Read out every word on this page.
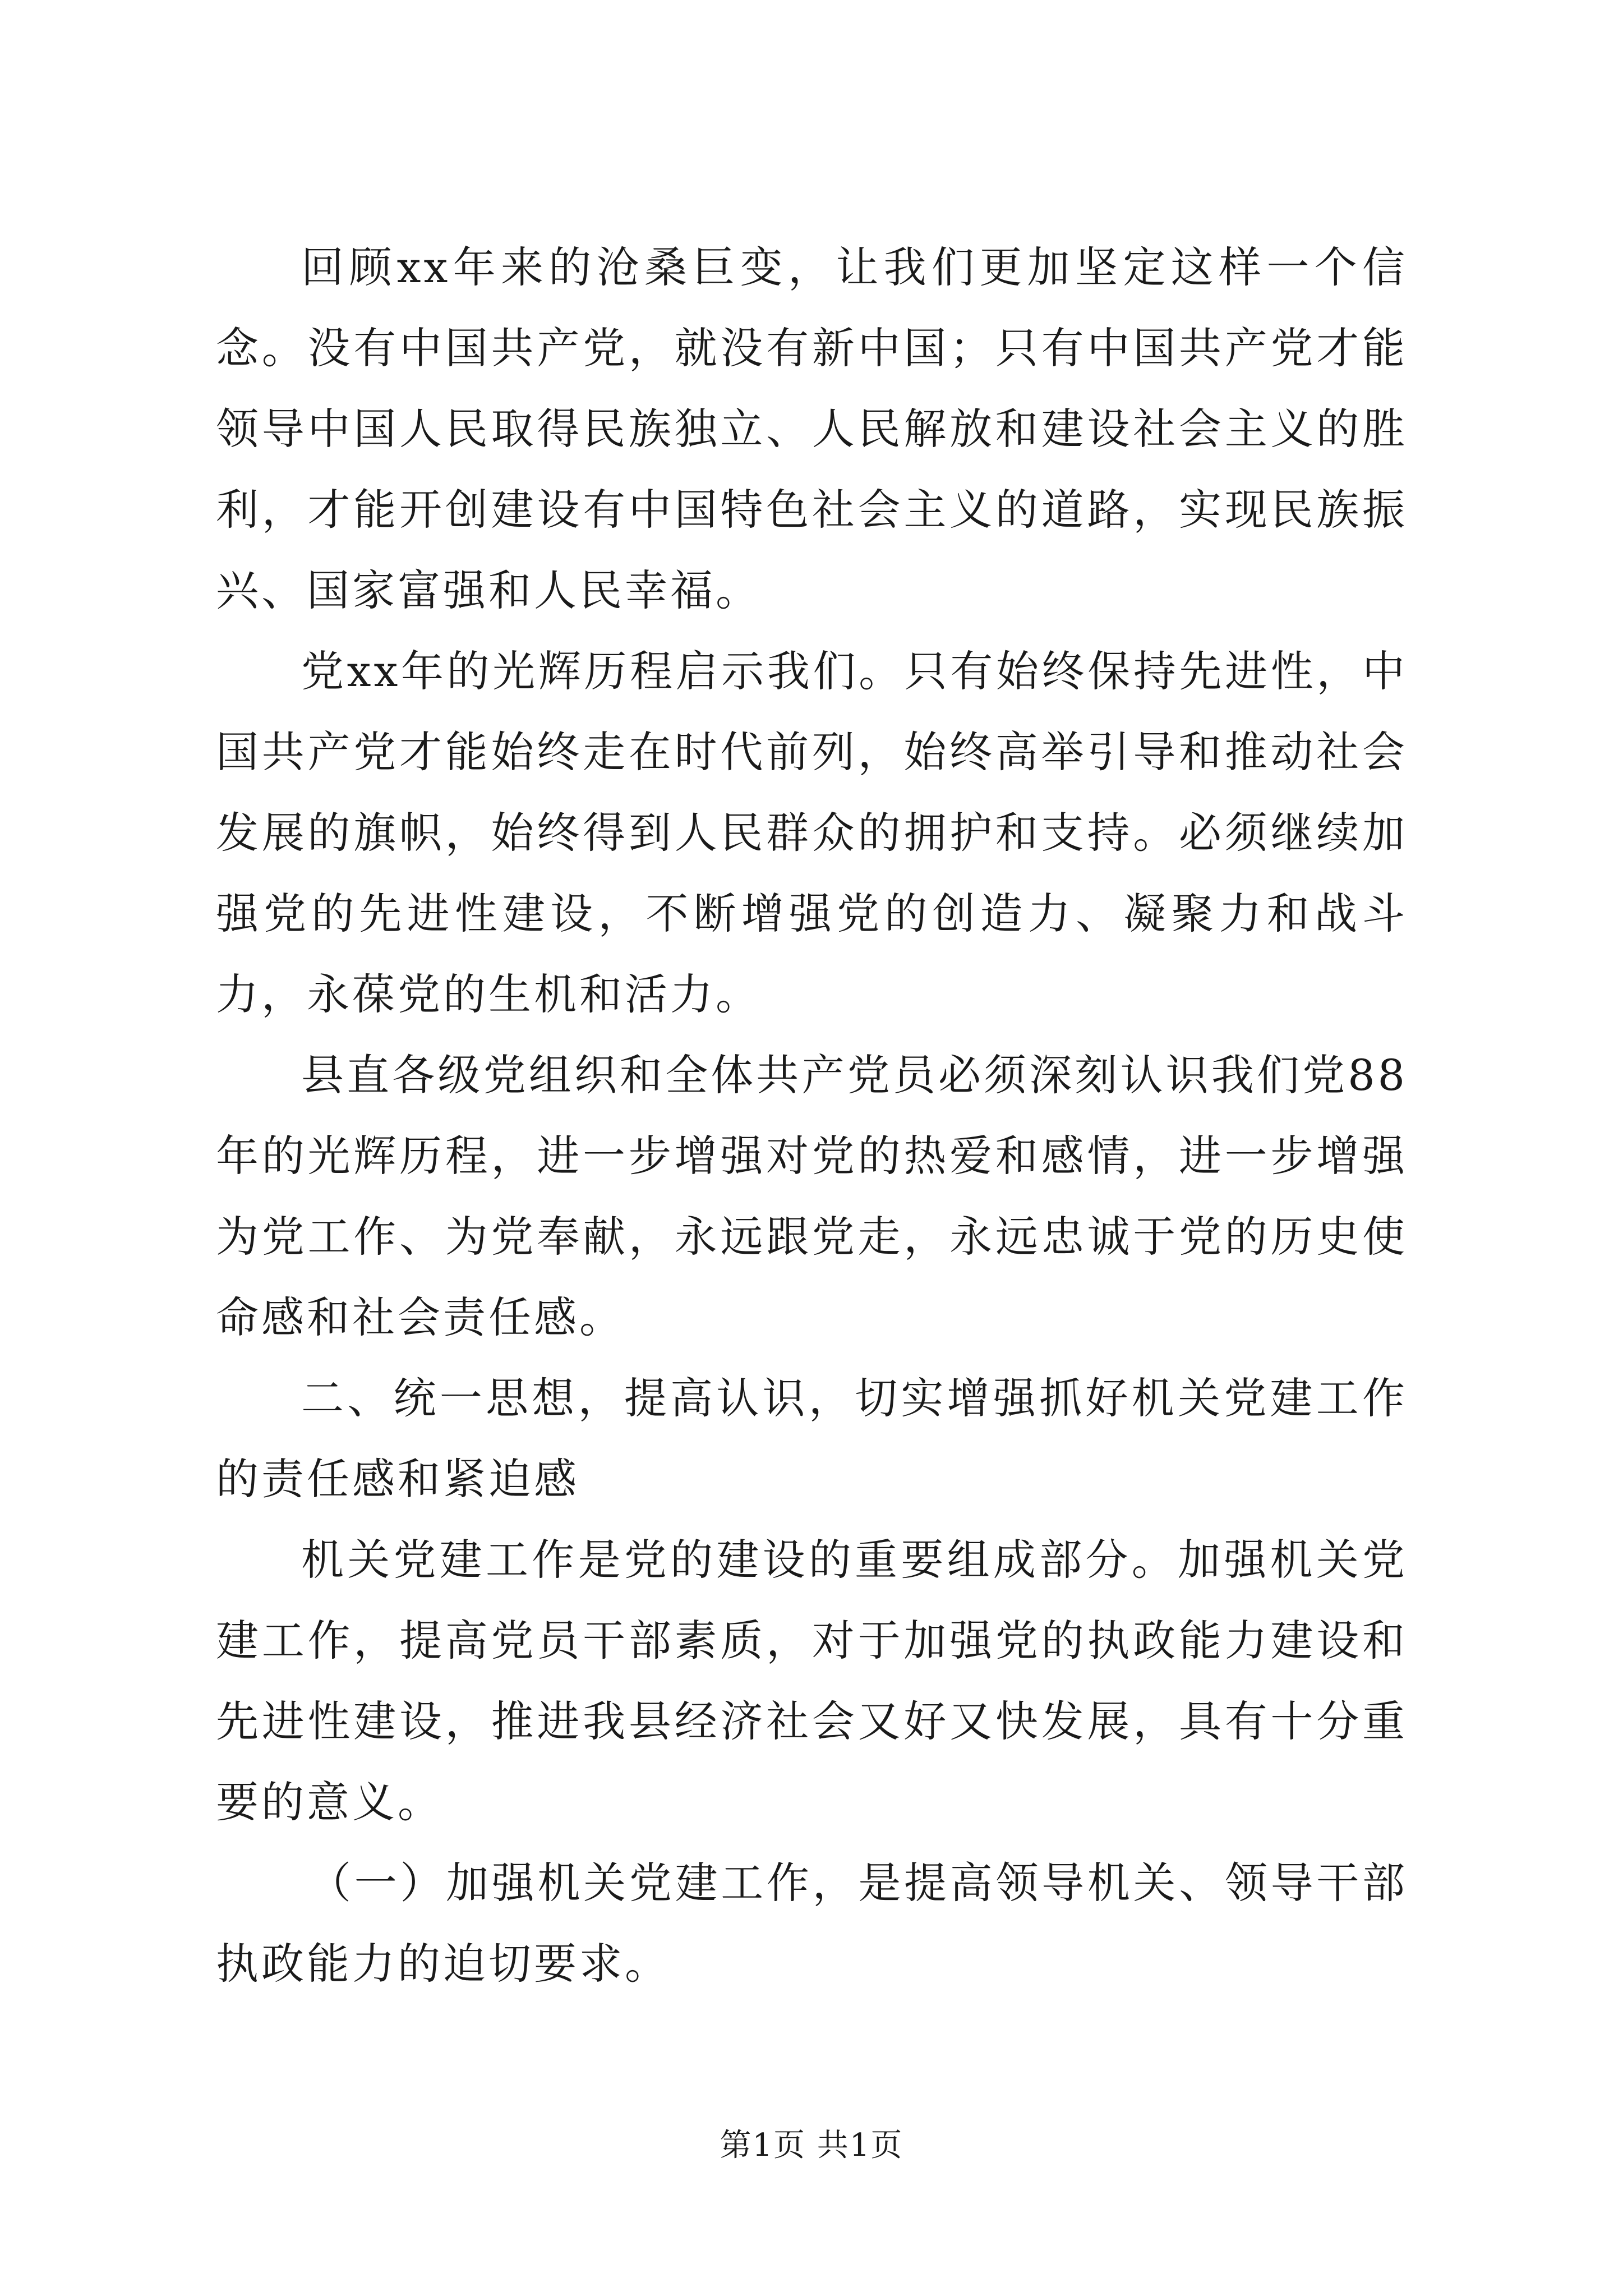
回顾xx年来的沧桑巨变，让我们更加坚定这样一个信念。没有中国共产党，就没有新中国；只有中国共产党才能领导中国人民取得民族独立、人民解放和建设社会主义的胜利，才能开创建设有中国特色社会主义的道路，实现民族振兴、国家富强和人民幸福。

党xx年的光辉历程启示我们。只有始终保持先进性，中国共产党才能始终走在时代前列，始终高举引导和推动社会发展的旗帜，始终得到人民群众的拥护和支持。必须继续加强党的先进性建设，不断增强党的创造力、凝聚力和战斗力，永葆党的生机和活力。

县直各级党组织和全体共产党员必须深刻认识我们党88年的光辉历程，进一步增强对党的热爱和感情，进一步增强为党工作、为党奉献，永远跟党走，永远忠诚于党的历史使命感和社会责任感。

二、统一思想，提高认识，切实增强抓好机关党建工作的责任感和紧迫感

机关党建工作是党的建设的重要组成部分。加强机关党建工作，提高党员干部素质，对于加强党的执政能力建设和先进性建设，推进我县经济社会又好又快发展，具有十分重要的意义。

（一）加强机关党建工作，是提高领导机关、领导干部执政能力的迫切要求。

第1页 共1页
